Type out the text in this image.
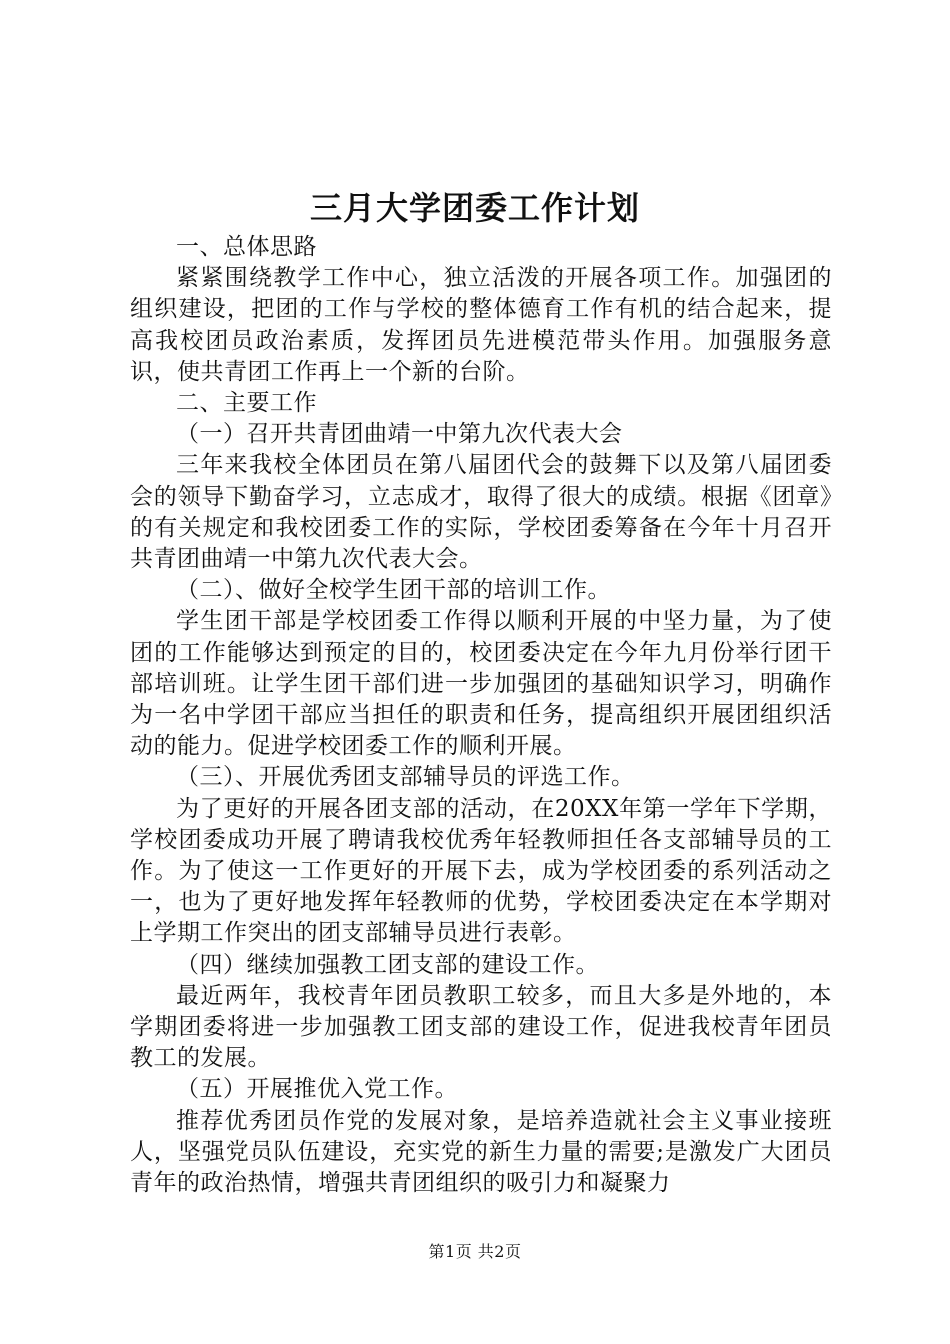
三月大学团委工作计划

一、总体思路

紧紧围绕教学工作中心，独立活泼的开展各项工作。加强团的组织建设，把团的工作与学校的整体德育工作有机的结合起来，提高我校团员政治素质，发挥团员先进模范带头作用。加强服务意识，使共青团工作再上一个新的台阶。

二、主要工作

（一）召开共青团曲靖一中第九次代表大会

三年来我校全体团员在第八届团代会的鼓舞下以及第八届团委会的领导下勤奋学习，立志成才，取得了很大的成绩。根据《团章》的有关规定和我校团委工作的实际，学校团委筹备在今年十月召开共青团曲靖一中第九次代表大会。

（二）、做好全校学生团干部的培训工作。

学生团干部是学校团委工作得以顺利开展的中坚力量，为了使团的工作能够达到预定的目的，校团委决定在今年九月份举行团干部培训班。让学生团干部们进一步加强团的基础知识学习，明确作为一名中学团干部应当担任的职责和任务，提高组织开展团组织活动的能力。促进学校团委工作的顺利开展。

（三）、开展优秀团支部辅导员的评选工作。

为了更好的开展各团支部的活动，在20XX年第一学年下学期，学校团委成功开展了聘请我校优秀年轻教师担任各支部辅导员的工作。为了使这一工作更好的开展下去，成为学校团委的系列活动之一，也为了更好地发挥年轻教师的优势，学校团委决定在本学期对上学期工作突出的团支部辅导员进行表彰。

（四）继续加强教工团支部的建设工作。

最近两年，我校青年团员教职工较多，而且大多是外地的，本学期团委将进一步加强教工团支部的建设工作，促进我校青年团员教工的发展。

（五）开展推优入党工作。

推荐优秀团员作党的发展对象，是培养造就社会主义事业接班人，坚强党员队伍建设，充实党的新生力量的需要;是激发广大团员青年的政治热情，增强共青团组织的吸引力和凝聚力

第1页 共2页
